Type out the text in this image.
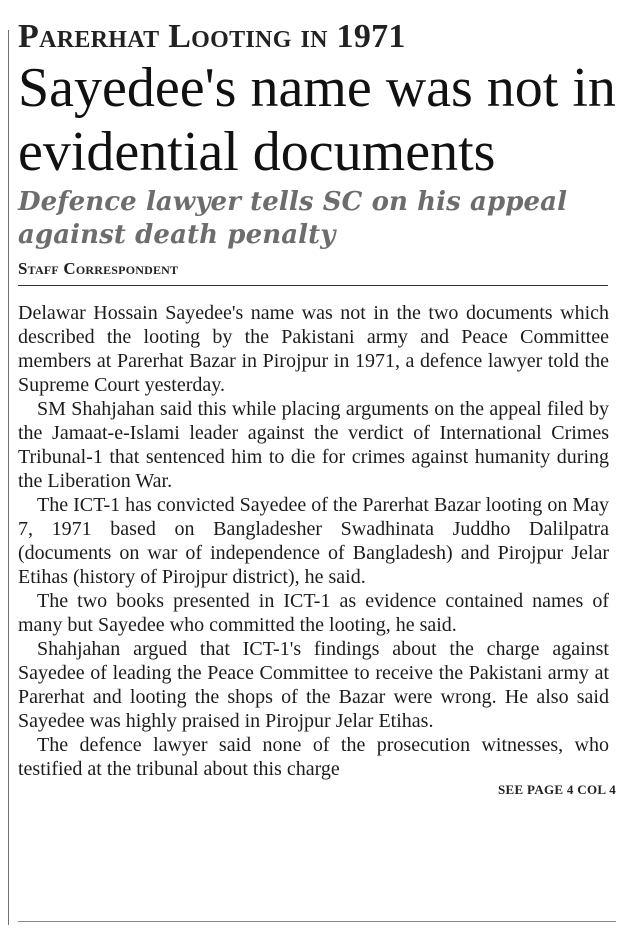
Parerhat Looting in 1971
Sayedee's name was not in evidential documents
Defence lawyer tells SC on his appeal against death penalty
Staff Correspondent

Delawar Hossain Sayedee's name was not in the two documents which described the looting by the Pakistani army and Peace Committee members at Parerhat Bazar in Pirojpur in 1971, a defence lawyer told the Supreme Court yesterday.

SM Shahjahan said this while placing arguments on the appeal filed by the Jamaat-e-Islami leader against the verdict of International Crimes Tribunal-1 that sentenced him to die for crimes against humanity during the Liberation War.

The ICT-1 has convicted Sayedee of the Parerhat Bazar looting on May 7, 1971 based on Bangladesher Swadhinata Juddho Dalilpatra (documents on war of independence of Bangladesh) and Pirojpur Jelar Etihas (history of Pirojpur district), he said.

The two books presented in ICT-1 as evidence contained names of many but Sayedee who committed the looting, he said.

Shahjahan argued that ICT-1's findings about the charge against Sayedee of leading the Peace Committee to receive the Pakistani army at Parerhat and looting the shops of the Bazar were wrong. He also said Sayedee was highly praised in Pirojpur Jelar Etihas.

The defence lawyer said none of the prosecution witnesses, who testified at the tribunal about this charge

SEE PAGE 4 COL 4
